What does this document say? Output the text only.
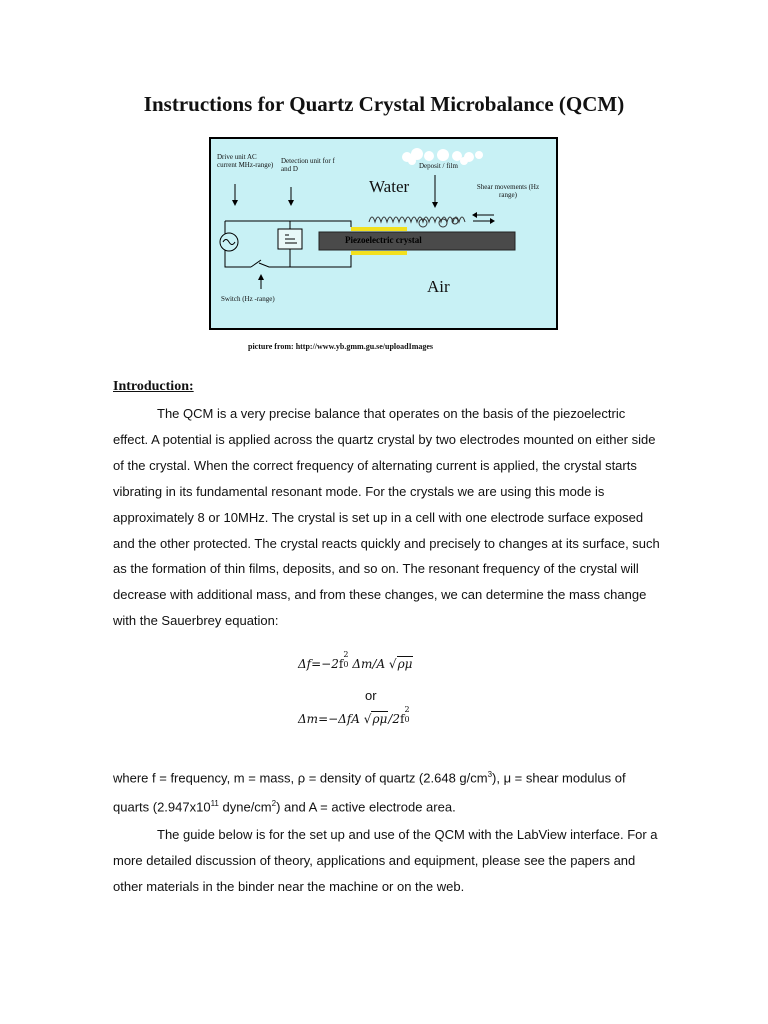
Instructions for Quartz Crystal Microbalance (QCM)
Drive unit AC current MHz-range) Detection unit for f and D
Water
Deposit / film
Shear movements (Hz range)
Piezoelectric crystal
Air
Switch (Hz -range)
picture from: http://www.yb.gmm.gu.se/uploadImages
Introduction:
The QCM is a very precise balance that operates on the basis of the piezoelectric effect. A potential is applied across the quartz crystal by two electrodes mounted on either side of the crystal. When the correct frequency of alternating current is applied, the crystal starts vibrating in its fundamental resonant mode. For the crystals we are using this mode is approximately 8 or 10MHz. The crystal is set up in a cell with one electrode surface exposed and the other protected. The crystal reacts quickly and precisely to changes at its surface, such as the formation of thin films, deposits, and so on. The resonant frequency of the crystal will decrease with additional mass, and from these changes, we can determine the mass change with the Sauerbrey equation:
Δf=−2f
2
0 Δm/A √ρμ
or
Δm=−ΔfA √ρμ/2f
2
0
where f = frequency, m = mass, ρ = density of quartz (2.648 $g/cm^3$), μ = shear modulus of quarts ($2.947x10^{11}$ dyne/$cm^2$) and A = active electrode area.
The guide below is for the set up and use of the QCM with the LabView interface. For a more detailed discussion of theory, applications and equipment, please see the papers and other materials in the binder near the machine or on the web.
